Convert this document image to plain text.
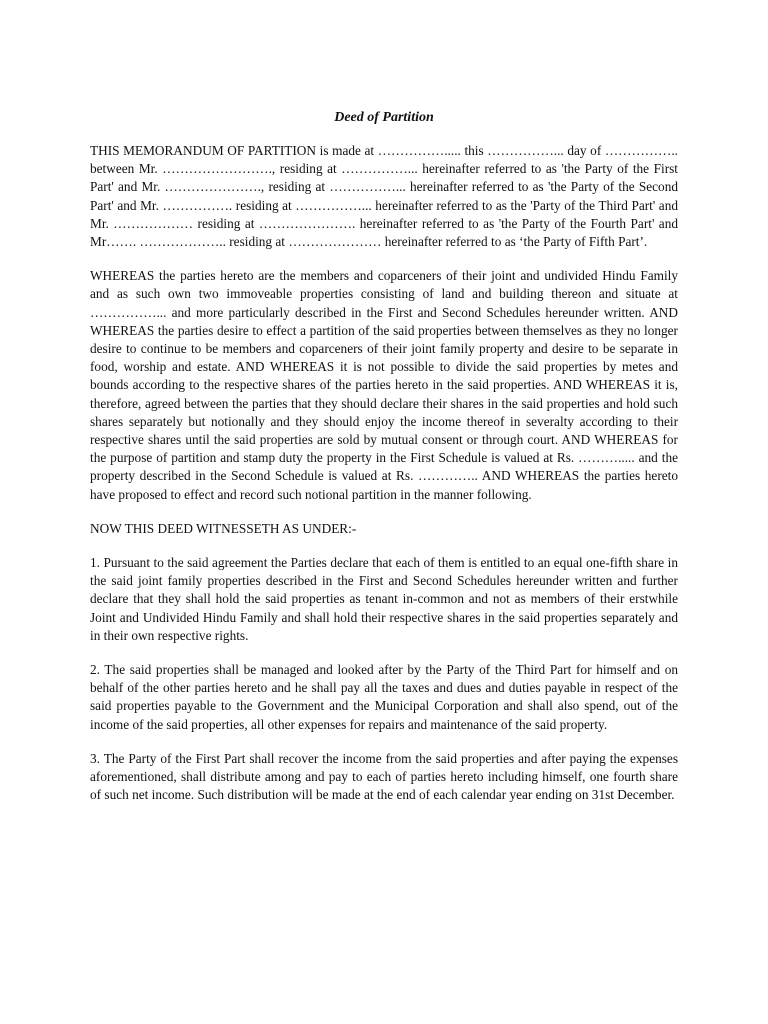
Deed of Partition

THIS MEMORANDUM OF PARTITION is made at ……………..... this ……………... day of …………….. between Mr. ……………………., residing at ……………... hereinafter referred to as 'the Party of the First Part' and Mr. …………………., residing at ……………... hereinafter referred to as 'the Party of the Second Part' and Mr. ……………. residing at ……………... hereinafter referred to as the 'Party of the Third Part' and Mr. ……………… residing at …………………. hereinafter referred to as 'the Party of the Fourth Part' and Mr……. ……………….. residing at ………………… hereinafter referred to as ‘the Party of Fifth Part’.

WHEREAS the parties hereto are the members and coparceners of their joint and undivided Hindu Family and as such own two immoveable properties consisting of land and building thereon and situate at ……………... and more particularly described in the First and Second Schedules hereunder written. AND WHEREAS the parties desire to effect a partition of the said properties between themselves as they no longer desire to continue to be members and coparceners of their joint family property and desire to be separate in food, worship and estate. AND WHEREAS it is not possible to divide the said properties by metes and bounds according to the respective shares of the parties hereto in the said properties. AND WHEREAS it is, therefore, agreed between the parties that they should declare their shares in the said properties and hold such shares separately but notionally and they should enjoy the income thereof in severalty according to their respective shares until the said properties are sold by mutual consent or through court. AND WHEREAS for the purpose of partition and stamp duty the property in the First Schedule is valued at Rs. ………..... and the property described in the Second Schedule is valued at Rs. ………….. AND WHEREAS the parties hereto have proposed to effect and record such notional partition in the manner following.

NOW THIS DEED WITNESSETH AS UNDER:-

1. Pursuant to the said agreement the Parties declare that each of them is entitled to an equal one-fifth share in the said joint family properties described in the First and Second Schedules hereunder written and further declare that they shall hold the said properties as tenant in-common and not as members of their erstwhile Joint and Undivided Hindu Family and shall hold their respective shares in the said properties separately and in their own respective rights.

2. The said properties shall be managed and looked after by the Party of the Third Part for himself and on behalf of the other parties hereto and he shall pay all the taxes and dues and duties payable in respect of the said properties payable to the Government and the Municipal Corporation and shall also spend, out of the income of the said properties, all other expenses for repairs and maintenance of the said property.

3. The Party of the First Part shall recover the income from the said properties and after paying the expenses aforementioned, shall distribute among and pay to each of parties hereto including himself, one fourth share of such net income. Such distribution will be made at the end of each calendar year ending on 31st December.
